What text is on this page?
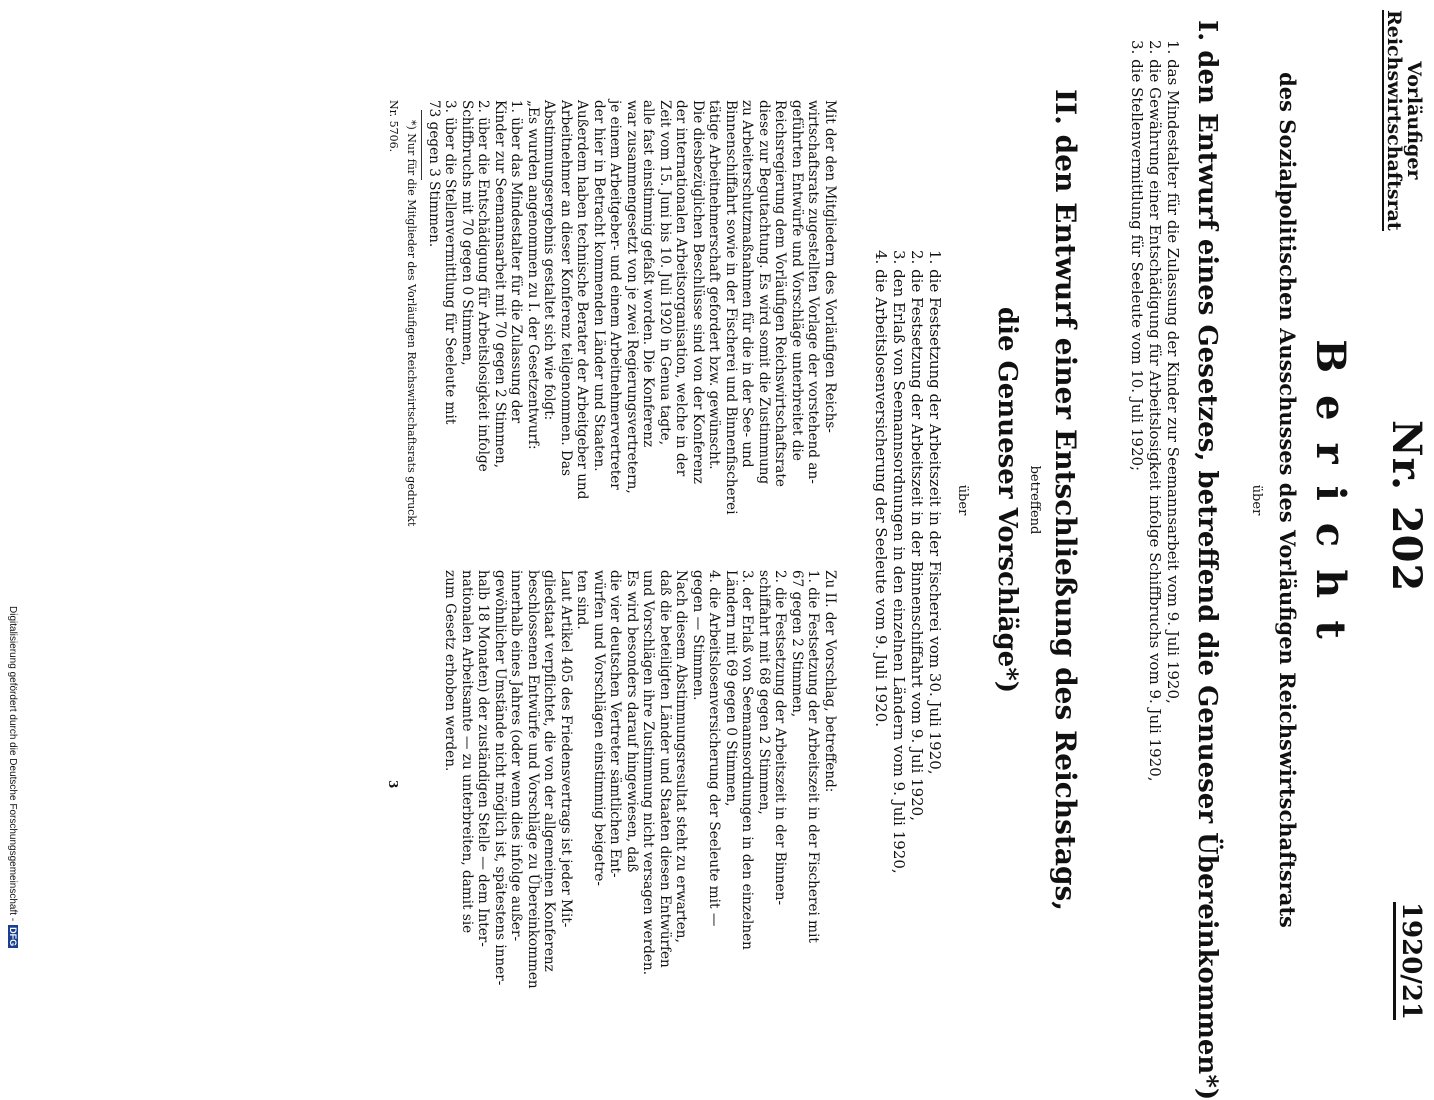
Vorläufiger
Reichswirtschaftsrat
Nr. 202
1920/21
Bericht
des Sozialpolitischen Ausschusses des Vorläufigen Reichswirtschaftsrats
über
I. den Entwurf eines Gesetzes, betreffend die Genueser Übereinkommen*)
1. das Mindestalter für die Zulassung der Kinder zur Seemannsarbeit vom 9. Juli 1920,
2. die Gewährung einer Entschädigung für Arbeitslosigkeit infolge Schiffbruchs vom 9. Juli 1920,
3. die Stellenvermittlung für Seeleute vom 10. Juli 1920;
II. den Entwurf einer Entschließung des Reichstags,
betreffend
die Genueser Vorschläge*)
über
1. die Festsetzung der Arbeitszeit in der Fischerei vom 30. Juli 1920,
2. die Festsetzung der Arbeitszeit in der Binnenschiffahrt vom 9. Juli 1920,
3. den Erlaß von Seemannsordnungen in den einzelnen Ländern vom 9. Juli 1920,
4. die Arbeitslosenversicherung der Seeleute vom 9. Juli 1920.
Mit der den Mitgliedern des Vorläufigen Reichs-
wirtschaftsrats zugestellten Vorlage der vorstehend an-
geführten Entwürfe und Vorschläge unterbreitet die
Reichsregierung dem Vorläufigen Reichswirtschaftsrate
diese zur Begutachtung. Es wird somit die Zustimmung
zu Arbeiterschutzmaßnahmen für die in der See- und
Binnenschiffahrt sowie in der Fischerei und Binnenfischerei
tätige Arbeitnehmerschaft gefordert bzw. gewünscht.
Die diesbezüglichen Beschlüsse sind von der Konferenz
der internationalen Arbeitsorganisation, welche in der
Zeit vom 15. Juni bis 10. Juli 1920 in Genua tagte,
alle fast einstimmig gefaßt worden. Die Konferenz
war zusammengesetzt von je zwei Regierungsvertretern,
je einem Arbeitgeber- und einem Arbeitnehmervertreter
der hier in Betracht kommenden Länder und Staaten.
Außerdem haben technische Berater der Arbeitgeber und
Arbeitnehmer an dieser Konferenz teilgenommen. Das
Abstimmungsergebnis gestaltet sich wie folgt:
„Es wurden angenommen zu I. der Gesetzentwurf:
1. über das Mindestalter für die Zulassung der
Kinder zur Seemannsarbeit mit 70 gegen 2 Stimmen,
2. über die Entschädigung für Arbeitslosigkeit infolge
Schiffbruchs mit 70 gegen 0 Stimmen,
3. über die Stellenvermittlung für Seeleute mit
73 gegen 3 Stimmen.
Zu II. der Vorschlag, betreffend:
1. die Festsetzung der Arbeitszeit in der Fischerei mit
67 gegen 2 Stimmen,
2. die Festsetzung der Arbeitszeit in der Binnen-
schiffahrt mit 68 gegen 2 Stimmen,
3. der Erlaß von Seemannsordnungen in den einzelnen
Ländern mit 69 gegen 0 Stimmen,
4. die Arbeitslosenversicherung der Seeleute mit —
gegen — Stimmen.
Nach diesem Abstimmungsresultat steht zu erwarten,
daß die beteiligten Länder und Staaten diesen Entwürfen
und Vorschlägen ihre Zustimmung nicht versagen werden.
Es wird besonders darauf hingewiesen, daß
die vier deutschen Vertreter sämtlichen Ent-
würfen und Vorschlägen einstimmig beigetre-
ten sind.
Laut Artikel 405 des Friedensvertrags ist jeder Mit-
gliedstaat verpflichtet, die von der allgemeinen Konferenz
beschlossenen Entwürfe und Vorschläge zu Übereinkommen
innerhalb eines Jahres (oder wenn dies infolge außer-
gewöhnlicher Umstände nicht möglich ist, spätestens inner-
halb 18 Monaten) der zuständigen Stelle — dem Inter-
nationalen Arbeitsamte — zu unterbreiten, damit sie
zum Gesetz erhoben werden.
*) Nur für die Mitglieder des Vorläufigen Reichswirtschaftsrats gedruckt
Nr. 5706.
3
Digitalisierung gefördert durch die Deutsche Forschungsgemeinschaft -DFG
